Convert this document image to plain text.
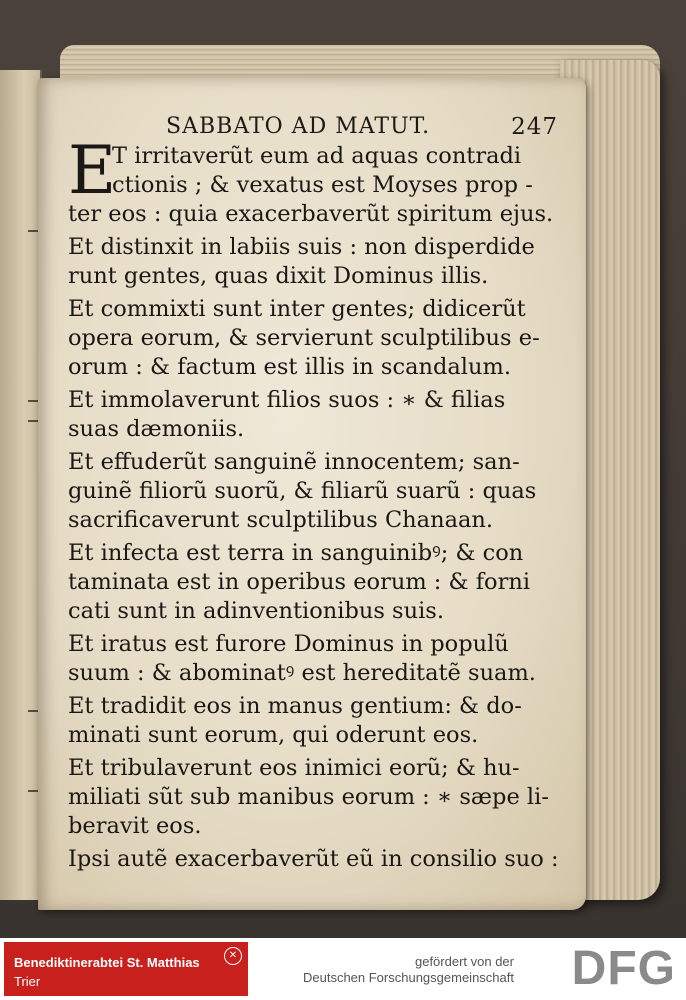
SABBATO AD MATUT.	247
E
T irritaverũt eum ad aquas contradi
ctionis ; & vexatus est Moyses prop -
ter eos : quia exacerbaverũt spiritum ejus.
Et distinxit in labiis suis : non disperdide
runt gentes, quas dixit Dominus illis.
Et commixti sunt inter gentes; didicerũt
opera eorum, & servierunt sculptilibus e-
orum : & factum est illis in scandalum.
Et immolaverunt filios suos : ∗ & filias
suas dæmoniis.
Et effuderũt sanguinẽ innocentem; san-
guinẽ filiorũ suorũ, & filiarũ suarũ : quas
sacrificaverunt sculptilibus Chanaan.
Et infecta est terra in sanguinibꝰ; & con
taminata est in operibus eorum : & forni
cati sunt in adinventionibus suis.
Et iratus est furore Dominus in populũ
suum : & abominatꝰ est hereditatẽ suam.
Et tradidit eos in manus gentium: & do-
minati sunt eorum, qui oderunt eos.
Et tribulaverunt eos inimici eorũ; & hu-
miliati sũt sub manibus eorum : ∗ sæpe li-
beravit eos.
Ipsi autẽ exacerbaverũt eũ in consilio suo :
Benediktinerabtei St. Matthias
Trier
✕	gefördert von der
Deutschen Forschungsgemeinschaft DFG
